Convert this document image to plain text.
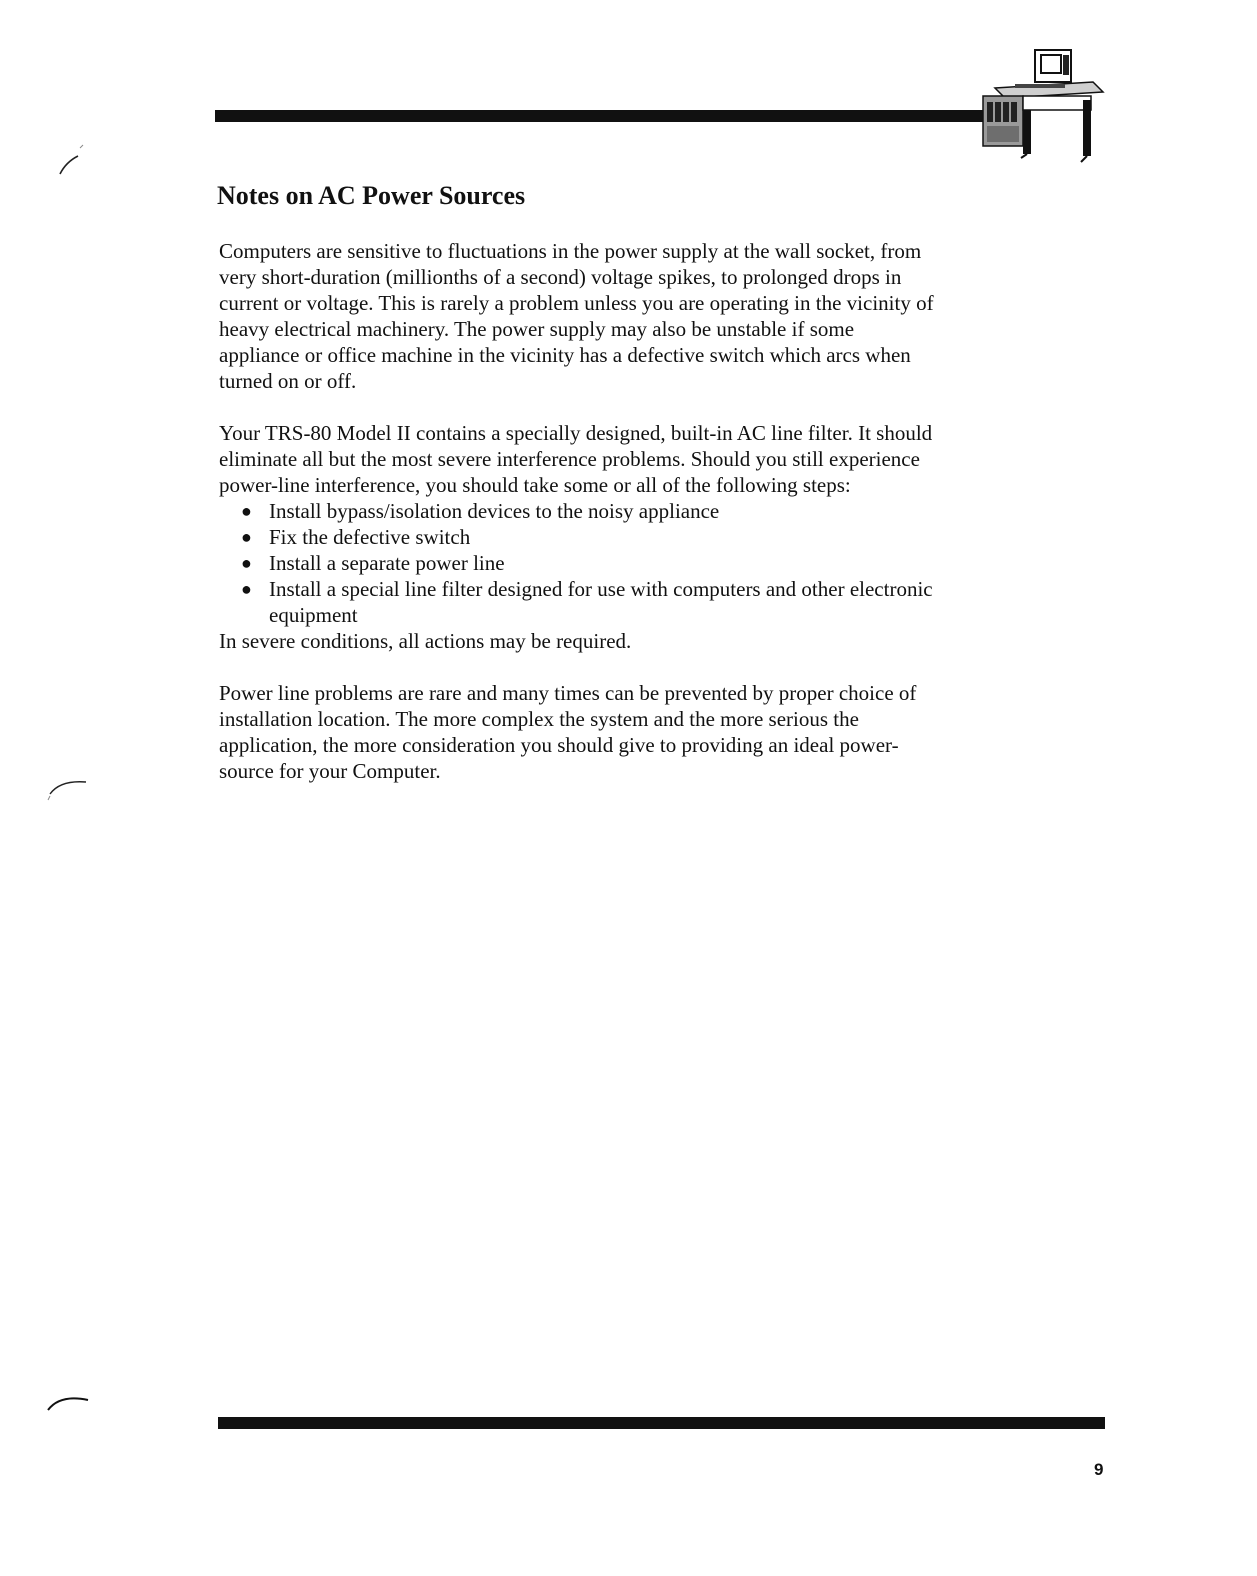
Notes on AC Power Sources

Computers are sensitive to fluctuations in the power supply at the wall socket, from very short-duration (millionths of a second) voltage spikes, to prolonged drops in current or voltage. This is rarely a problem unless you are operating in the vicinity of heavy electrical machinery. The power supply may also be unstable if some appliance or office machine in the vicinity has a defective switch which arcs when turned on or off.

Your TRS-80 Model II contains a specially designed, built-in AC line filter. It should eliminate all but the most severe interference problems. Should you still experience power-line interference, you should take some or all of the following steps:

● Install bypass/isolation devices to the noisy appliance
● Fix the defective switch
● Install a separate power line
● Install a special line filter designed for use with computers and other electronic equipment

In severe conditions, all actions may be required.

Power line problems are rare and many times can be prevented by proper choice of installation location. The more complex the system and the more serious the application, the more consideration you should give to providing an ideal power-source for your Computer.

9
